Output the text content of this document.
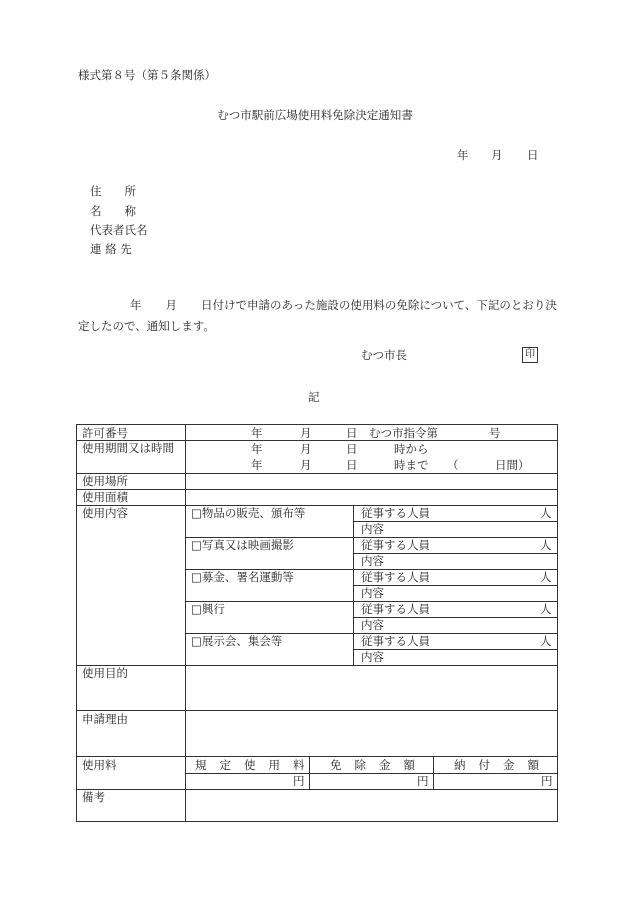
様式第８号（第５条関係）
むつ市駅前広場使用料免除決定通知書
年 月 日
住　　所
名　　称
代表者氏名
連 絡 先
年 月 日付けで申請のあった施設の使用料の免除について、下記のとおり決定したので、通知します。
むつ市長	印
記
許可番号	年	月	日 むつ市指令第	号
使用期間又は時間	年	月	日	時から
年	月	日	時まで （	日間）
使用場所
使用面積
使用内容	□物品の販売、頒布等	従事する人員	人
内容
□写真又は映画撮影	従事する人員	人
内容
□募金、署名運動等	従事する人員	人
内容
□興行	従事する人員	人
内容
□展示会、集会等	従事する人員	人
内容
使用目的
申請理由
使用料	規定使用料 免除金額 納付金額
円	円	円
備考
